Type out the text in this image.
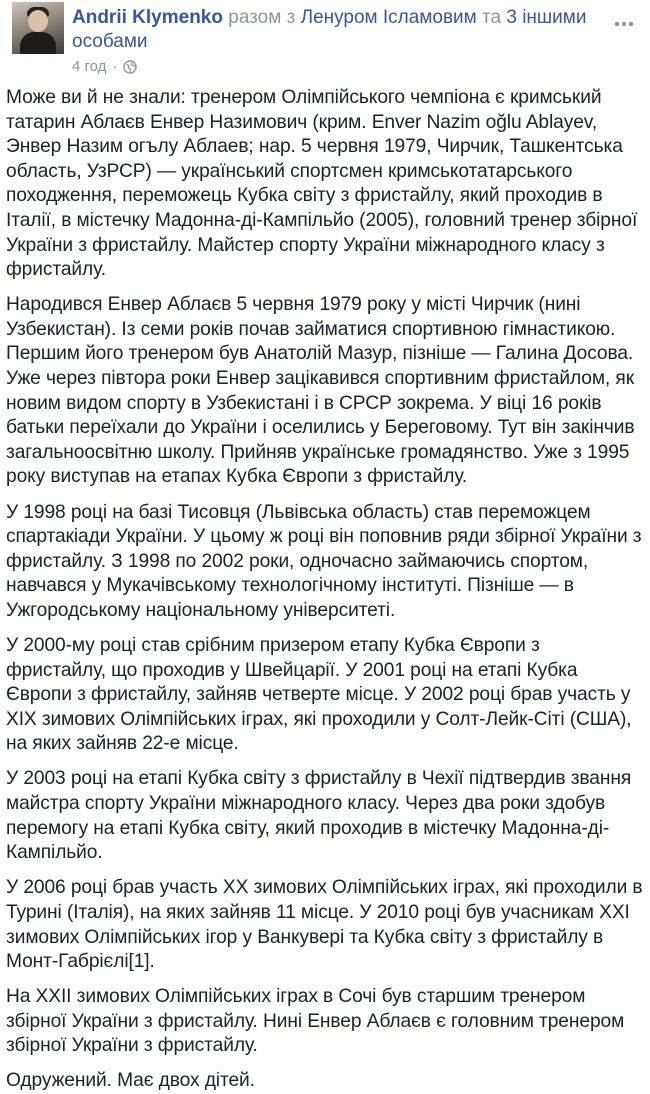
Andrii Klymenko разом з Ленуром Ісламовим та 3 іншими особами
4 год ·

Може ви й не знали: тренером Олімпійського чемпіона є кримський татарин Аблаєв Енвер Назимович (крим. Enver Nazim oğlu Ablayev, Энвер Назим огълу Аблаев; нар. 5 червня 1979, Чирчик, Ташкентська область, УзРСР) — український спортсмен кримськотатарського походження, переможець Кубка світу з фристайлу, який проходив в Італії, в містечку Мадонна-ді-Кампільйо (2005), головний тренер збірної України з фристайлу. Майстер спорту України міжнародного класу з фристайлу.

Народився Енвер Аблаєв 5 червня 1979 року у місті Чирчик (нині Узбекистан). Із семи років почав займатися спортивною гімнастикою. Першим його тренером був Анатолій Мазур, пізніше — Галина Досова. Уже через півтора роки Енвер зацікавився спортивним фристайлом, як новим видом спорту в Узбекистані і в СРСР зокрема. У віці 16 років батьки переїхали до України і оселились у Береговому. Тут він закінчив загальноосвітню школу. Прийняв українське громадянство. Уже з 1995 року виступав на етапах Кубка Європи з фристайлу.

У 1998 році на базі Тисовця (Львівська область) став переможцем спартакіади України. У цьому ж році він поповнив ряди збірної України з фристайлу. З 1998 по 2002 роки, одночасно займаючись спортом, навчався у Мукачівському технологічному інституті. Пізніше — в Ужгородському національному університеті.

У 2000-му році став срібним призером етапу Кубка Європи з фристайлу, що проходив у Швейцарії. У 2001 році на етапі Кубка Європи з фристайлу, зайняв четверте місце. У 2002 році брав участь у XIX зимових Олімпійських іграх, які проходили у Солт-Лейк-Сіті (США), на яких зайняв 22-е місце.

У 2003 році на етапі Кубка світу з фристайлу в Чехії підтвердив звання майстра спорту України міжнародного класу. Через два роки здобув перемогу на етапі Кубка світу, який проходив в містечку Мадонна-ді-Кампільйо.

У 2006 році брав участь XX зимових Олімпійських іграх, які проходили в Турині (Італія), на яких зайняв 11 місце. У 2010 році був учасникам XXI зимових Олімпійських ігор у Ванкувері та Кубка світу з фристайлу в Монт-Габрієлі[1].

На XXII зимових Олімпійських іграх в Сочі був старшим тренером збірної України з фристайлу. Нині Енвер Аблаєв є головним тренером збірної України з фристайлу.

Одружений. Має двох дітей.
